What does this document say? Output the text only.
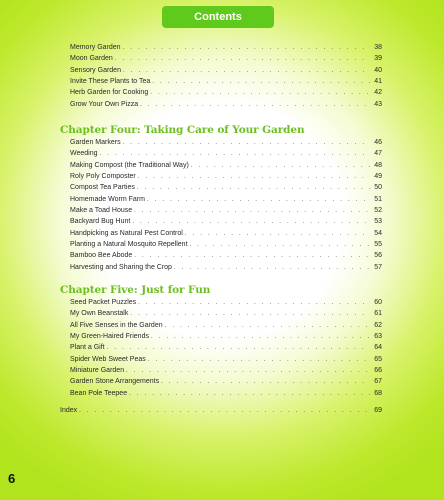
Contents
Memory Garden . . .	38
Moon Garden . . .	39
Sensory Garden . . .	40
Invite These Plants to Tea . . .	41
Herb Garden for Cooking . . .	42
Grow Your Own Pizza . . .	43
Chapter Four: Taking Care of Your Garden
Garden Markers . . .	46
Weeding . . .	47
Making Compost (the Traditional Way) . . .	48
Roly Poly Composter . . .	49
Compost Tea Parties . . .	50
Homemade Worm Farm . . .	51
Make a Toad House . . .	52
Backyard Bug Hunt . . .	53
Handpicking as Natural Pest Control . . .	54
Planting a Natural Mosquito Repellent . . .	55
Bamboo Bee Abode . . .	56
Harvesting and Sharing the Crop . . .	57
Chapter Five: Just for Fun
Seed Packet Puzzles . . .	60
My Own Beanstalk . . .	61
All Five Senses in the Garden . . .	62
My Green-Haired Friends . . .	63
Plant a Gift . . .	64
Spider Web Sweet Peas . . .	65
Miniature Garden . . .	66
Garden Stone Arrangements . . .	67
Bean Pole Teepee . . .	68
Index . . .	69
6
